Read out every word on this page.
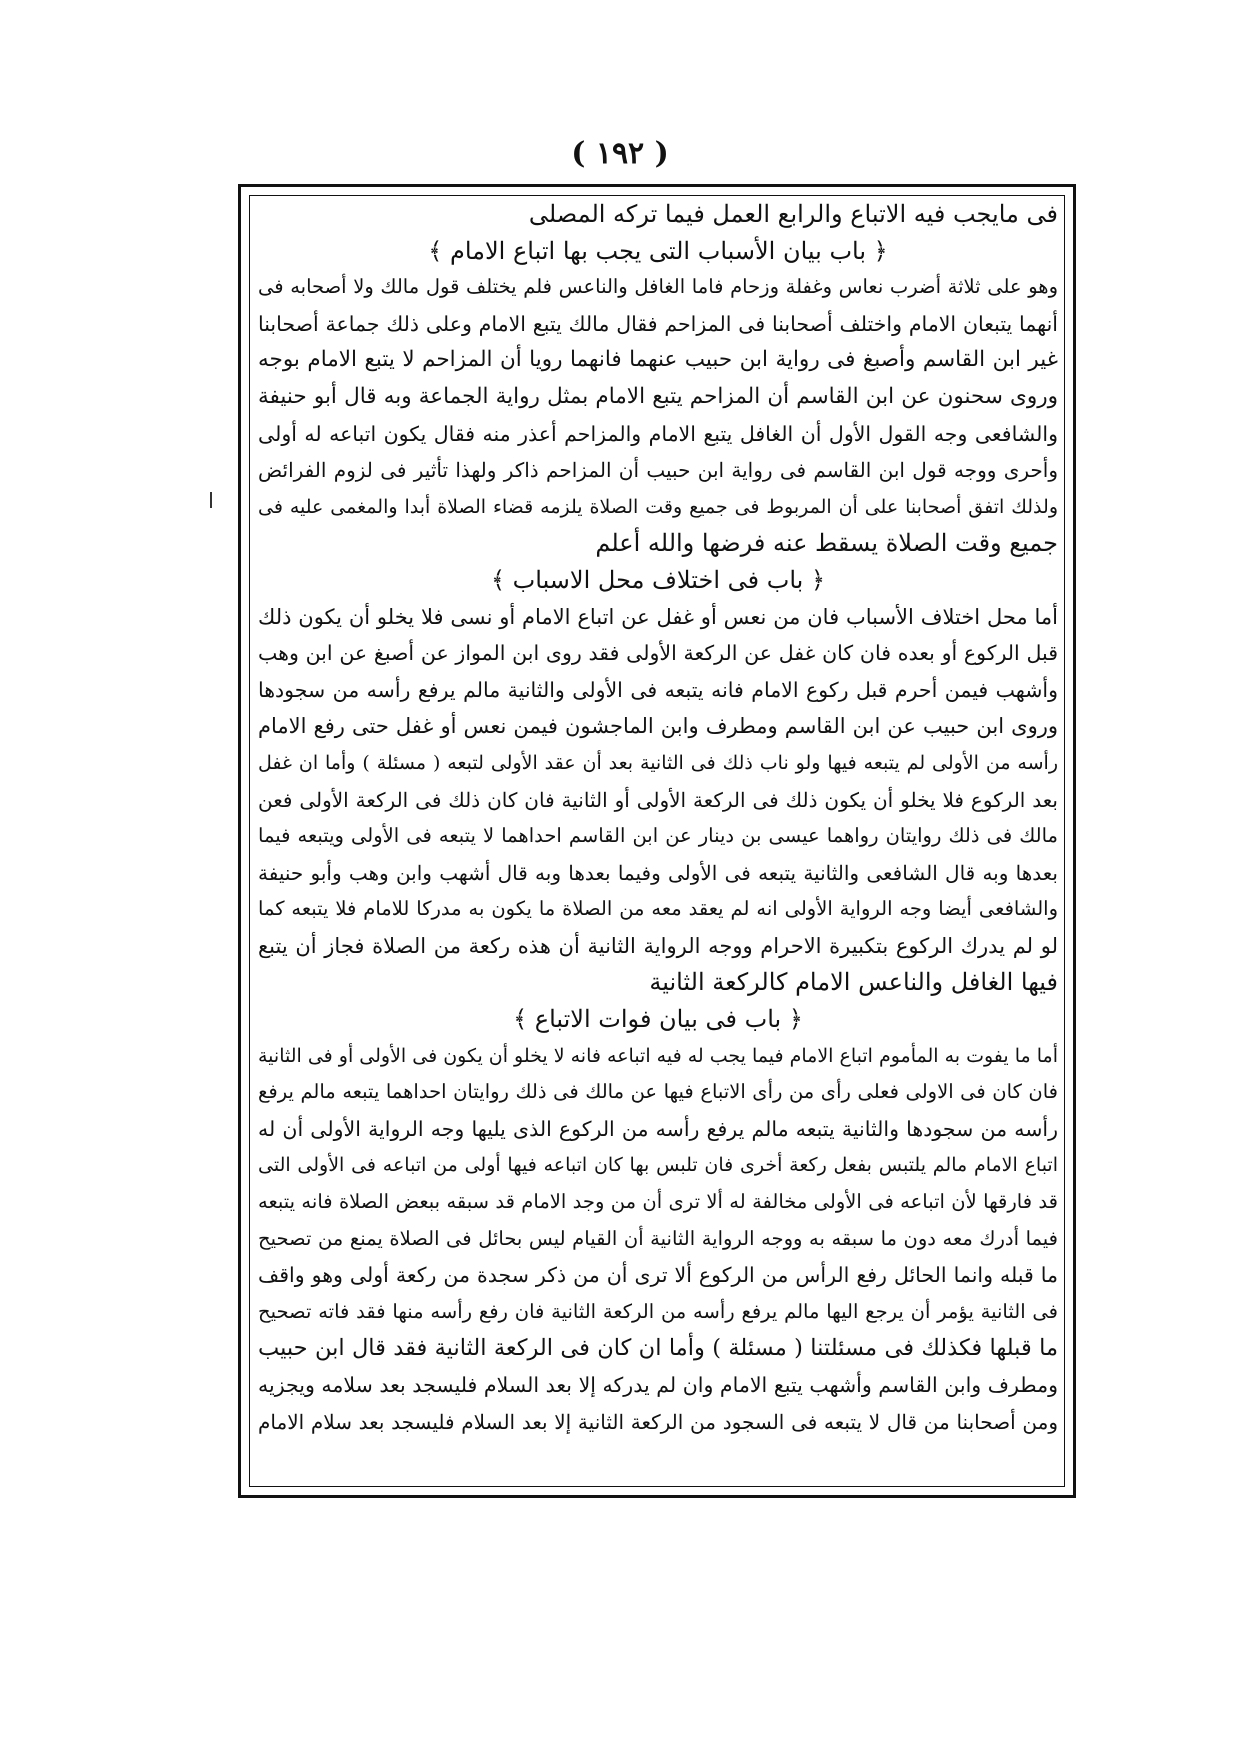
( ١٩٢ )
فى مايجب فيه الاتباع والرابع العمل فيما تركه المصلى
﴿ باب بيان الأسباب التى يجب بها اتباع الامام ﴾
وهو على ثلاثة أضرب نعاس وغفلة وزحام فاما الغافل والناعس فلم يختلف قول مالك ولا أصحابه فى
أنهما يتبعان الامام واختلف أصحابنا فى المزاحم فقال مالك يتبع الامام وعلى ذلك جماعة أصحابنا
غير ابن القاسم وأصبغ فى رواية ابن حبيب عنهما فانهما رويا أن المزاحم لا يتبع الامام بوجه
وروى سحنون عن ابن القاسم أن المزاحم يتبع الامام بمثل رواية الجماعة وبه قال أبو حنيفة
والشافعى وجه القول الأول أن الغافل يتبع الامام والمزاحم أعذر منه فقال يكون اتباعه له أولى
وأحرى ووجه قول ابن القاسم فى رواية ابن حبيب أن المزاحم ذاكر ولهذا تأثير فى لزوم الفرائض
ولذلك اتفق أصحابنا على أن المربوط فى جميع وقت الصلاة يلزمه قضاء الصلاة أبدا والمغمى عليه فى
جميع وقت الصلاة يسقط عنه فرضها والله أعلم
﴿ باب فى اختلاف محل الاسباب ﴾
أما محل اختلاف الأسباب فان من نعس أو غفل عن اتباع الامام أو نسى فلا يخلو أن يكون ذلك
قبل الركوع أو بعده فان كان غفل عن الركعة الأولى فقد روى ابن المواز عن أصبغ عن ابن وهب
وأشهب فيمن أحرم قبل ركوع الامام فانه يتبعه فى الأولى والثانية مالم يرفع رأسه من سجودها
وروى ابن حبيب عن ابن القاسم ومطرف وابن الماجشون فيمن نعس أو غفل حتى رفع الامام
رأسه من الأولى لم يتبعه فيها ولو ناب ذلك فى الثانية بعد أن عقد الأولى لتبعه ( مسئلة ) وأما ان غفل
بعد الركوع فلا يخلو أن يكون ذلك فى الركعة الأولى أو الثانية فان كان ذلك فى الركعة الأولى فعن
مالك فى ذلك روايتان رواهما عيسى بن دينار عن ابن القاسم احداهما لا يتبعه فى الأولى ويتبعه فيما
بعدها وبه قال الشافعى والثانية يتبعه فى الأولى وفيما بعدها وبه قال أشهب وابن وهب وأبو حنيفة
والشافعى أيضا وجه الرواية الأولى انه لم يعقد معه من الصلاة ما يكون به مدركا للامام فلا يتبعه كما
لو لم يدرك الركوع بتكبيرة الاحرام ووجه الرواية الثانية أن هذه ركعة من الصلاة فجاز أن يتبع
فيها الغافل والناعس الامام كالركعة الثانية
﴿ باب فى بيان فوات الاتباع ﴾
أما ما يفوت به المأموم اتباع الامام فيما يجب له فيه اتباعه فانه لا يخلو أن يكون فى الأولى أو فى الثانية
فان كان فى الاولى فعلى رأى من رأى الاتباع فيها عن مالك فى ذلك روايتان احداهما يتبعه مالم يرفع
رأسه من سجودها والثانية يتبعه مالم يرفع رأسه من الركوع الذى يليها وجه الرواية الأولى أن له
اتباع الامام مالم يلتبس بفعل ركعة أخرى فان تلبس بها كان اتباعه فيها أولى من اتباعه فى الأولى التى
قد فارقها لأن اتباعه فى الأولى مخالفة له ألا ترى أن من وجد الامام قد سبقه ببعض الصلاة فانه يتبعه
فيما أدرك معه دون ما سبقه به ووجه الرواية الثانية أن القيام ليس بحائل فى الصلاة يمنع من تصحيح
ما قبله وانما الحائل رفع الرأس من الركوع ألا ترى أن من ذكر سجدة من ركعة أولى وهو واقف
فى الثانية يؤمر أن يرجع اليها مالم يرفع رأسه من الركعة الثانية فان رفع رأسه منها فقد فاته تصحيح
ما قبلها فكذلك فى مسئلتنا ( مسئلة ) وأما ان كان فى الركعة الثانية فقد قال ابن حبيب
ومطرف وابن القاسم وأشهب يتبع الامام وان لم يدركه إلا بعد السلام فليسجد بعد سلامه ويجزيه
ومن أصحابنا من قال لا يتبعه فى السجود من الركعة الثانية إلا بعد السلام فليسجد بعد سلام الامام
